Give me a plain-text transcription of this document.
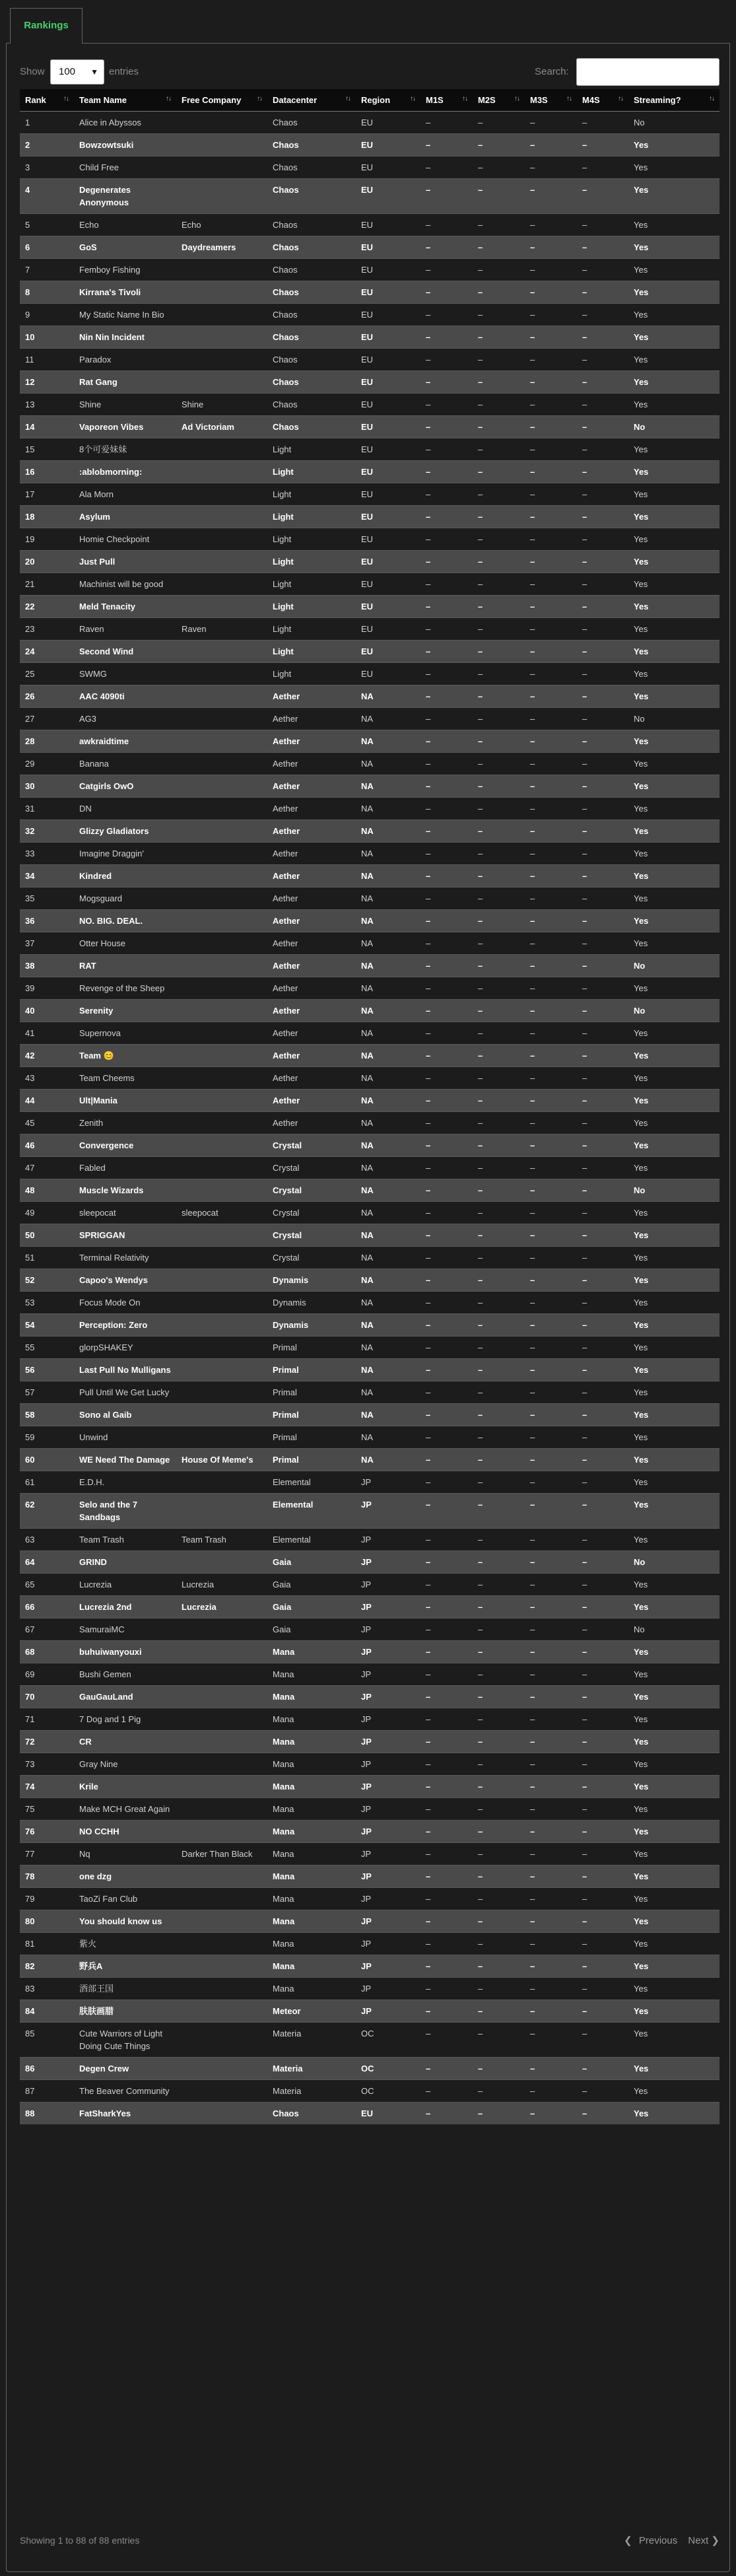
Rankings
Show	100 ▼ entries	Search:
Rank ↑↓	Team Name ↑↓	Free Company ↑↓	Datacenter ↑↓	Region ↑↓	M1S ↑↓	M2S ↑↓	M3S ↑↓	M4S ↑↓	Streaming? ↑↓

1	Alice in Abyssos		Chaos	EU	–	–	–	–	No
2	Bowzowtsuki		Chaos	EU	–	–	–	–	Yes
3	Child Free		Chaos	EU	–	–	–	–	Yes
4	Degenerates Anonymous		Chaos	EU	–	–	–	–	Yes
5	Echo	Echo	Chaos	EU	–	–	–	–	Yes
6	GoS	Daydreamers	Chaos	EU	–	–	–	–	Yes
7	Femboy Fishing		Chaos	EU	–	–	–	–	Yes
8	Kirrana's Tivoli		Chaos	EU	–	–	–	–	Yes
9	My Static Name In Bio		Chaos	EU	–	–	–	–	Yes
10	Nin Nin Incident		Chaos	EU	–	–	–	–	Yes
11	Paradox		Chaos	EU	–	–	–	–	Yes
12	Rat Gang		Chaos	EU	–	–	–	–	Yes
13	Shine	Shine	Chaos	EU	–	–	–	–	Yes
14	Vaporeon Vibes	Ad Victoriam	Chaos	EU	–	–	–	–	No
15	8个可爱妹妹		Light	EU	–	–	–	–	Yes
16	:ablobmorning:		Light	EU	–	–	–	–	Yes
17	Ala Morn		Light	EU	–	–	–	–	Yes
18	Asylum		Light	EU	–	–	–	–	Yes
19	Homie Checkpoint		Light	EU	–	–	–	–	Yes
20	Just Pull		Light	EU	–	–	–	–	Yes
21	Machinist will be good		Light	EU	–	–	–	–	Yes
22	Meld Tenacity		Light	EU	–	–	–	–	Yes
23	Raven	Raven	Light	EU	–	–	–	–	Yes
24	Second Wind		Light	EU	–	–	–	–	Yes
25	SWMG		Light	EU	–	–	–	–	Yes
26	AAC 4090ti		Aether	NA	–	–	–	–	Yes
27	AG3		Aether	NA	–	–	–	–	No
28	awkraidtime		Aether	NA	–	–	–	–	Yes
29	Banana		Aether	NA	–	–	–	–	Yes
30	Catgirls OwO		Aether	NA	–	–	–	–	Yes
31	DN		Aether	NA	–	–	–	–	Yes
32	Glizzy Gladiators		Aether	NA	–	–	–	–	Yes
33	Imagine Draggin'		Aether	NA	–	–	–	–	Yes
34	Kindred		Aether	NA	–	–	–	–	Yes
35	Mogsguard		Aether	NA	–	–	–	–	Yes
36	NO. BIG. DEAL.		Aether	NA	–	–	–	–	Yes
37	Otter House		Aether	NA	–	–	–	–	Yes
38	RAT		Aether	NA	–	–	–	–	No
39	Revenge of the Sheep		Aether	NA	–	–	–	–	Yes
40	Serenity		Aether	NA	–	–	–	–	No
41	Supernova		Aether	NA	–	–	–	–	Yes
42	Team 😊		Aether	NA	–	–	–	–	Yes
43	Team Cheems		Aether	NA	–	–	–	–	Yes
44	Ult|Mania		Aether	NA	–	–	–	–	Yes
45	Zenith		Aether	NA	–	–	–	–	Yes
46	Convergence		Crystal	NA	–	–	–	–	Yes
47	Fabled		Crystal	NA	–	–	–	–	Yes
48	Muscle Wizards		Crystal	NA	–	–	–	–	No
49	sleepocat	sleepocat	Crystal	NA	–	–	–	–	Yes
50	SPRIGGAN		Crystal	NA	–	–	–	–	Yes
51	Terminal Relativity		Crystal	NA	–	–	–	–	Yes
52	Capoo's Wendys		Dynamis	NA	–	–	–	–	Yes
53	Focus Mode On		Dynamis	NA	–	–	–	–	Yes
54	Perception: Zero		Dynamis	NA	–	–	–	–	Yes
55	glorpSHAKEY		Primal	NA	–	–	–	–	Yes
56	Last Pull No Mulligans		Primal	NA	–	–	–	–	Yes
57	Pull Until We Get Lucky		Primal	NA	–	–	–	–	Yes
58	Sono al Gaib		Primal	NA	–	–	–	–	Yes
59	Unwind		Primal	NA	–	–	–	–	Yes
60	WE Need The Damage	House Of Meme's	Primal	NA	–	–	–	–	Yes
61	E.D.H.		Elemental	JP	–	–	–	–	Yes
62	Selo and the 7 Sandbags		Elemental	JP	–	–	–	–	Yes
63	Team Trash	Team Trash	Elemental	JP	–	–	–	–	Yes
64	GRIND		Gaia	JP	–	–	–	–	No
65	Lucrezia	Lucrezia	Gaia	JP	–	–	–	–	Yes
66	Lucrezia 2nd	Lucrezia	Gaia	JP	–	–	–	–	Yes
67	SamuraiMC		Gaia	JP	–	–	–	–	No
68	buhuiwanyouxi		Mana	JP	–	–	–	–	Yes
69	Bushi Gemen		Mana	JP	–	–	–	–	Yes
70	GauGauLand		Mana	JP	–	–	–	–	Yes
71	7 Dog and 1 Pig		Mana	JP	–	–	–	–	Yes
72	CR		Mana	JP	–	–	–	–	Yes
73	Gray Nine		Mana	JP	–	–	–	–	Yes
74	Krile		Mana	JP	–	–	–	–	Yes
75	Make MCH Great Again		Mana	JP	–	–	–	–	Yes
76	NO CCHH		Mana	JP	–	–	–	–	Yes
77	Nq	Darker Than Black	Mana	JP	–	–	–	–	Yes
78	one dzg		Mana	JP	–	–	–	–	Yes
79	TaoZi Fan Club		Mana	JP	–	–	–	–	Yes
80	You should know us		Mana	JP	–	–	–	–	Yes
81	紫火		Mana	JP	–	–	–	–	Yes
82	野兵A		Mana	JP	–	–	–	–	Yes
83	酒部王国		Mana	JP	–	–	–	–	Yes
84	肤肤画腊		Meteor	JP	–	–	–	–	Yes
85	Cute Warriors of Light Doing Cute Things		Materia	OC	–	–	–	–	Yes
86	Degen Crew		Materia	OC	–	–	–	–	Yes
87	The Beaver Community		Materia	OC	–	–	–	–	Yes
88	FatSharkYes		Chaos	EU	–	–	–	–	Yes
Showing 1 to 88 of 88 entries	❮ Previous Next ❯
